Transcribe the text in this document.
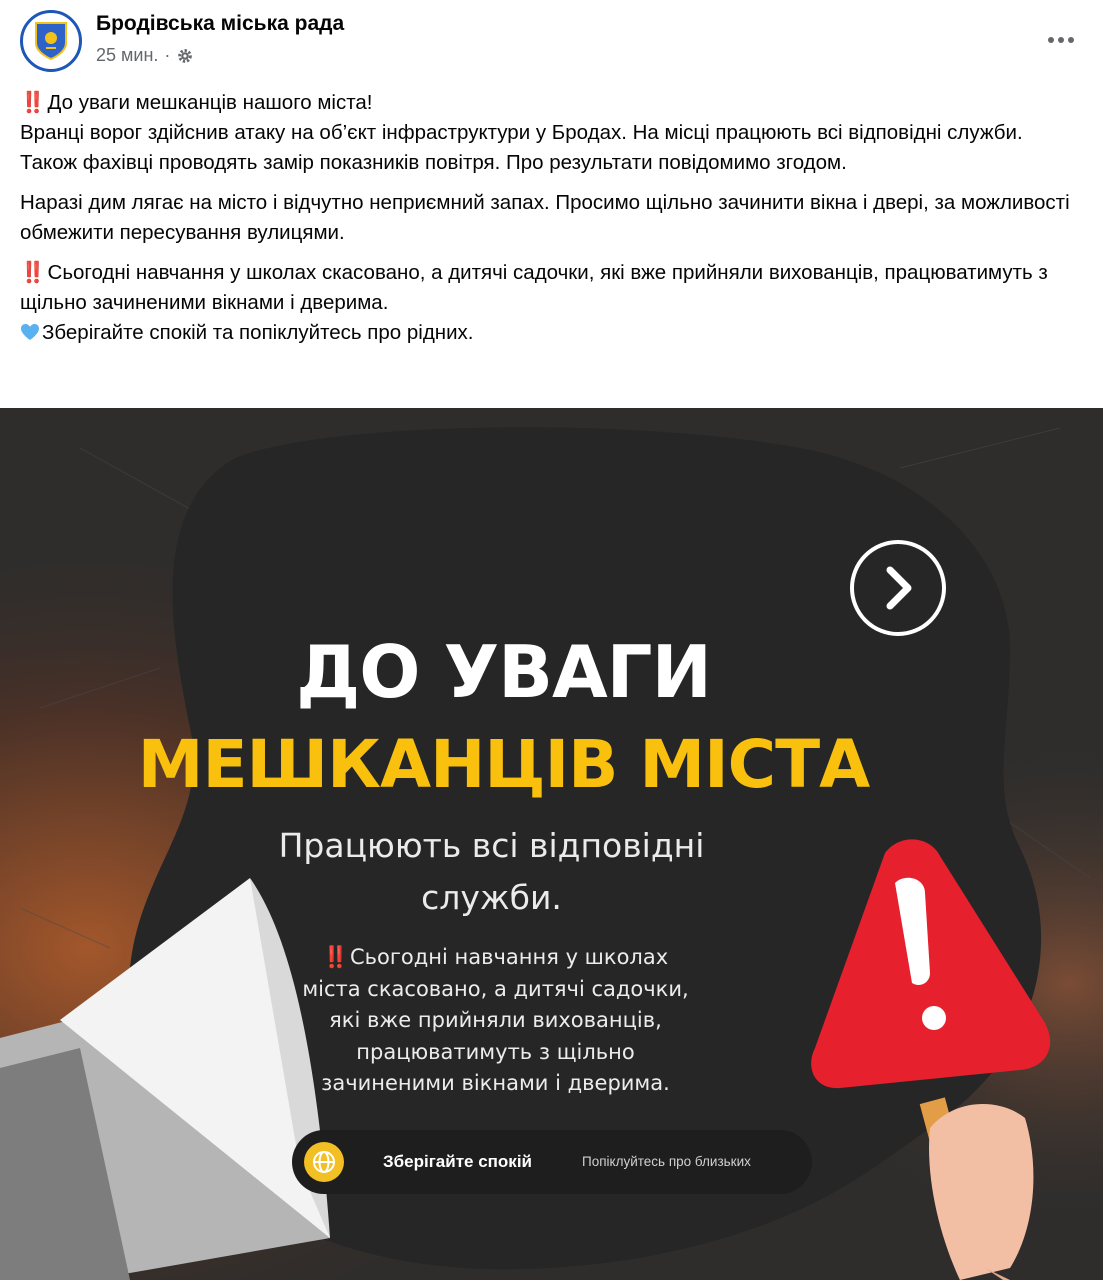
Бродівська міська рада
25 мин. ·

‼️ До уваги мешканців нашого міста!
Вранці ворог здійснив атаку на об’єкт інфраструктури у Бродах. На місці працюють всі відповідні служби.
Також фахівці проводять замір показників повітря. Про результати повідомимо згодом.

Наразі дим лягає на місто і відчутно неприємний запах. Просимо щільно зачинити вікна і двері, за можливості обмежити пересування вулицями.

‼️ Сьогодні навчання у школах скасовано, а дитячі садочки, які вже прийняли вихованців, працюватимуть з щільно зачиненими вікнами і дверима.

Зберігайте спокій та попіклуйтесь про рідних.

ДО УВАГИ
МЕШКАНЦІВ МІСТА
Працюють всі відповідні
служби.
‼️ Сьогодні навчання у школах
міста скасовано, а дитячі садочки,
які вже прийняли вихованців,
працюватимуть з щільно
зачиненими вікнами і дверима.
Зберігайте спокій	Попіклуйтесь про близьких
